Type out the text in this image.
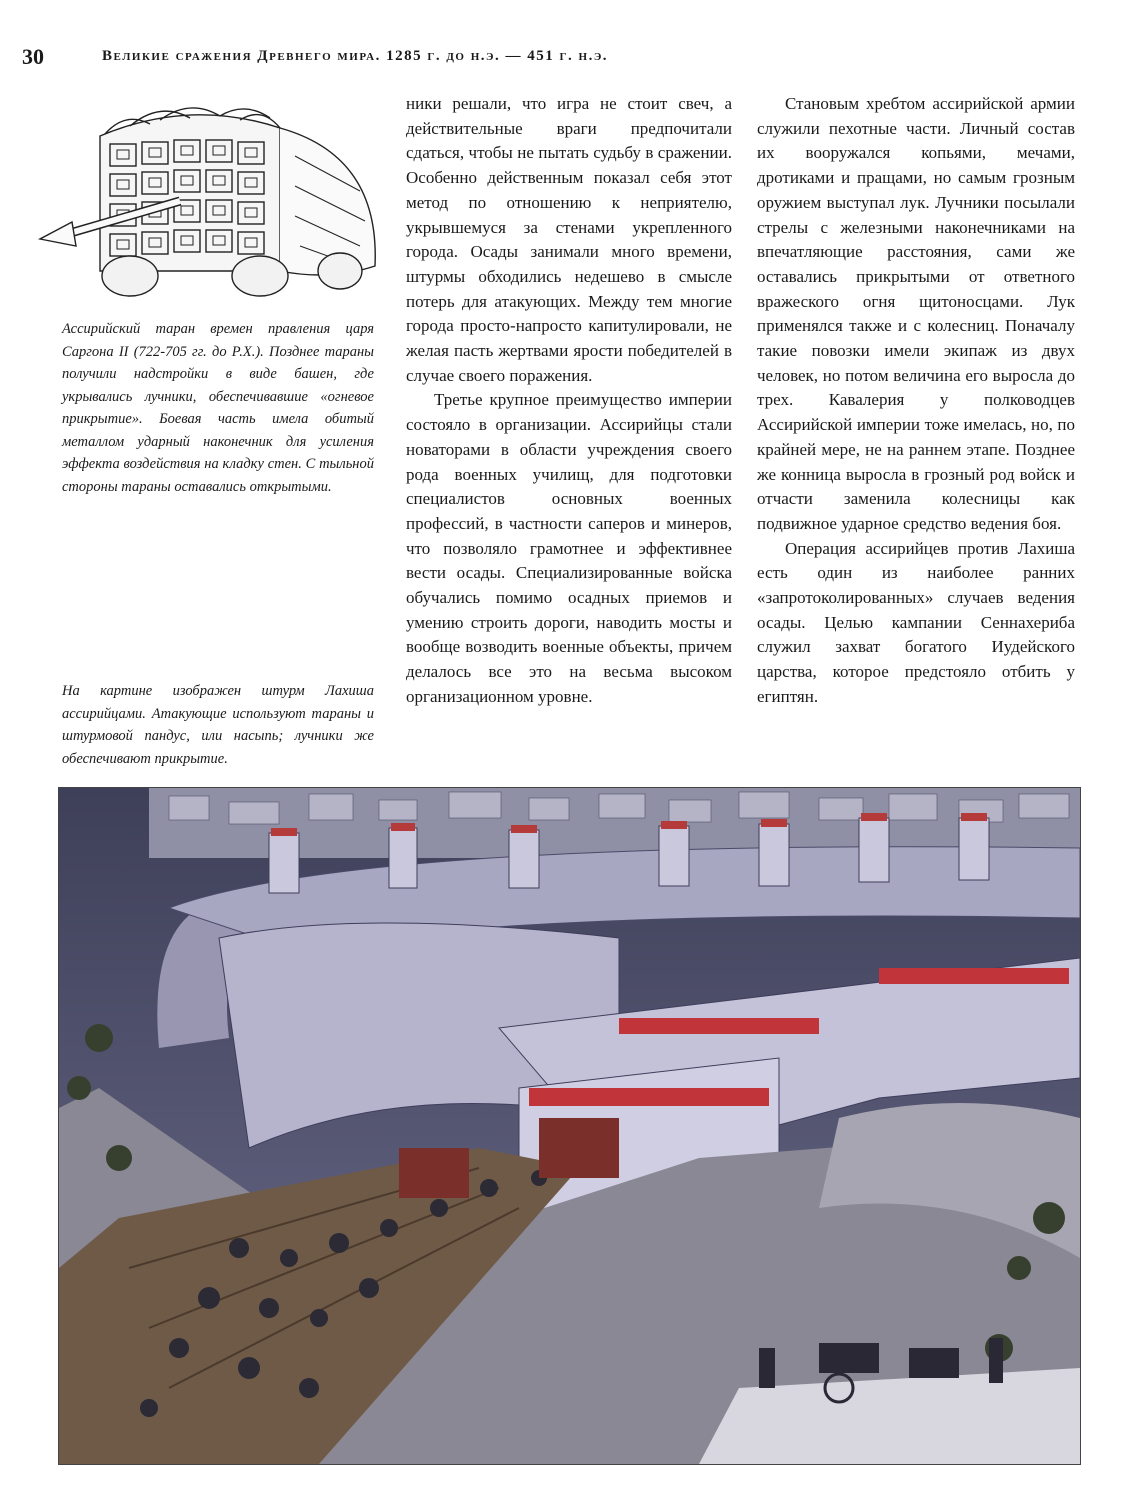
30	Великие сражения Древнего мира. 1285 г. до н.э. — 451 г. н.э.
Ассирийский таран времен правления царя Саргона II (722-705 гг. до Р.Х.). Позднее тараны получили надстройки в виде башен, где укрывались лучники, обеспечивавшие «огневое прикрытие». Боевая часть имела обитый металлом ударный наконечник для усиления эффекта воздействия на кладку стен. С тыльной стороны тараны оставались открытыми.
На картине изображен штурм Лахиша ассирийцами. Атакующие используют тараны и штурмовой пандус, или насыпь; лучники же обеспечивают прикрытие.

ники решали, что игра не стоит свеч, а действительные враги предпочитали сдаться, чтобы не пытать судьбу в сражении. Особенно действенным показал себя этот метод по отношению к неприятелю, укрывшемуся за стенами укрепленного города. Осады занимали много времени, штурмы обходились недешево в смысле потерь для атакующих. Между тем многие города просто-напросто капитулировали, не желая пасть жертвами ярости победителей в случае своего поражения.

Третье крупное преимущество империи состояло в организации. Ассирийцы стали новаторами в области учреждения своего рода военных училищ, для подготовки специалистов основных военных профессий, в частности саперов и минеров, что позволяло грамотнее и эффективнее вести осады. Специализированные войска обучались помимо осадных приемов и умению строить дороги, наводить мосты и вообще возводить военные объекты, причем делалось все это на весьма высоком организационном уровне.

Становым хребтом ассирийской армии служили пехотные части. Личный состав их вооружался копьями, мечами, дротиками и пращами, но самым грозным оружием выступал лук. Лучники посылали стрелы с железными наконечниками на впечатляющие расстояния, сами же оставались прикрытыми от ответного вражеского огня щитоносцами. Лук применялся также и с колесниц. Поначалу такие повозки имели экипаж из двух человек, но потом величина его выросла до трех. Кавалерия у полководцев Ассирийской империи тоже имелась, но, по крайней мере, не на раннем этапе. Позднее же конница выросла в грозный род войск и отчасти заменила колесницы как подвижное ударное средство ведения боя.

Операция ассирийцев против Лахиша есть один из наиболее ранних «запротоколированных» случаев ведения осады. Целью кампании Сеннахериба служил захват богатого Иудейского царства, которое предстояло отбить у египтян.
